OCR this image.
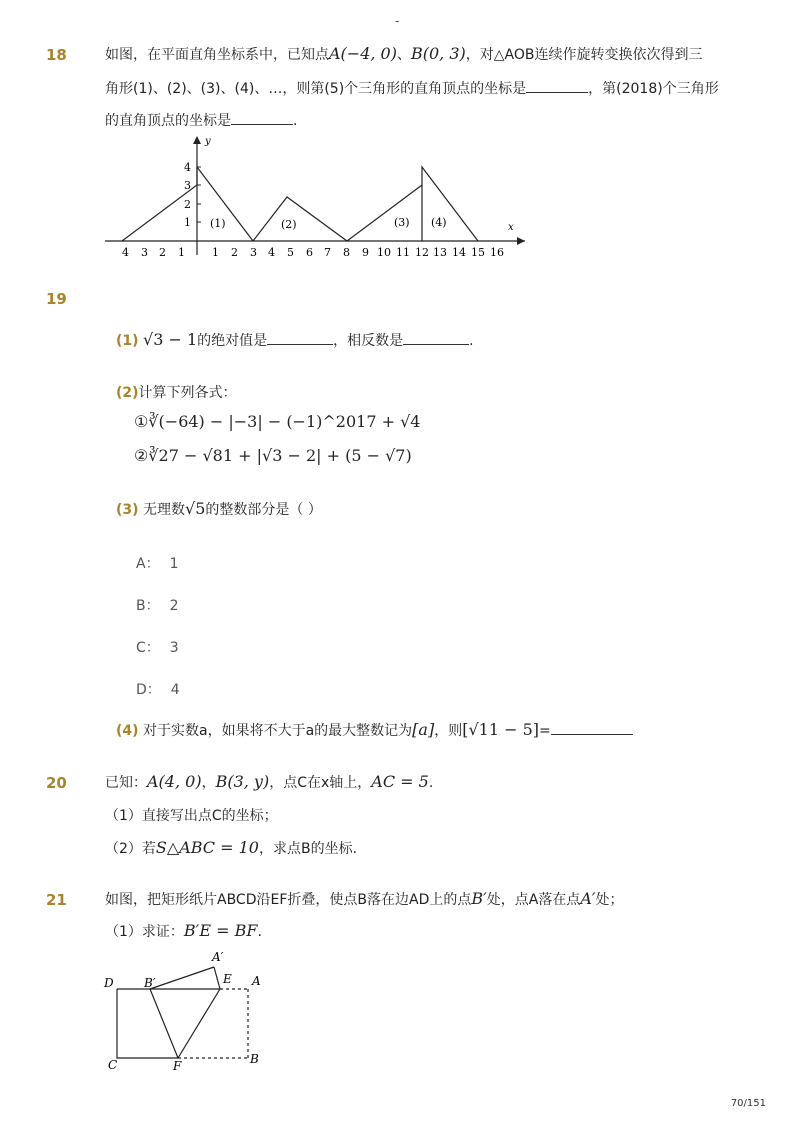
-
18	如图，在平面直角坐标系中，已知点A(−4, 0)、B(0, 3)，对△AOB连续作旋转变换依次得到三
角形(1)、(2)、(3)、(4)、…，则第(5)个三角形的直角顶点的坐标是	，第(2018)个三角形
的直角顶点的坐标是	.
y
x
4
3
2
1
4 3 2 1 1 2 3 4 5 6 7 8 9 10 11 12 13 14 15 16
(1)	(2)	(3) (4)
19
(1) √3 − 1的绝对值是	，相反数是	.
(2)计算下列各式：
①∛(−64) − |−3| − (−1)^2017 + √4
②∛27 − √81 + |√3 − 2| + (5 − √7)
(3) 无理数√5的整数部分是（ ）
A： 1
B： 2
C： 3
D： 4
(4) 对于实数a，如果将不大于a的最大整数记为[a]，则[√11 − 5]=
20	已知：A(4, 0)，B(3, y)，点C在x轴上，AC = 5.
（1）直接写出点C的坐标；
（2）若S△ABC = 10，求点B的坐标．
21	如图，把矩形纸片ABCD沿EF折叠，使点B落在边AD上的点B′处，点A落在点A′处；
（1）求证：B′E = BF.
D	B′
A′
E A
C	F	B
70/151
